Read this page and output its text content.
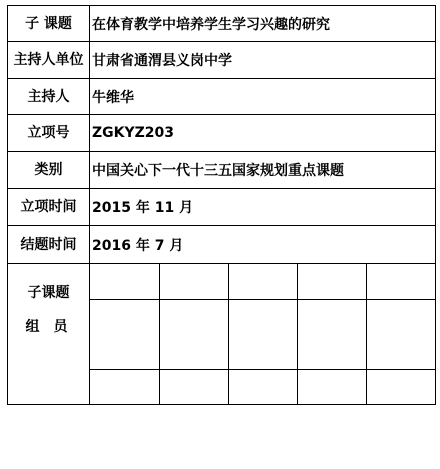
子 课题	在体育教学中培养学生学习兴趣的研究
主持人单位	甘肃省通渭县义岗中学
主持人	牛维华
立项号	ZGKYZ203
类别	中国关心下一代十三五国家规划重点课题
立项时间	2015 年 11 月
结题时间	2016 年 7 月

子课题
组员
